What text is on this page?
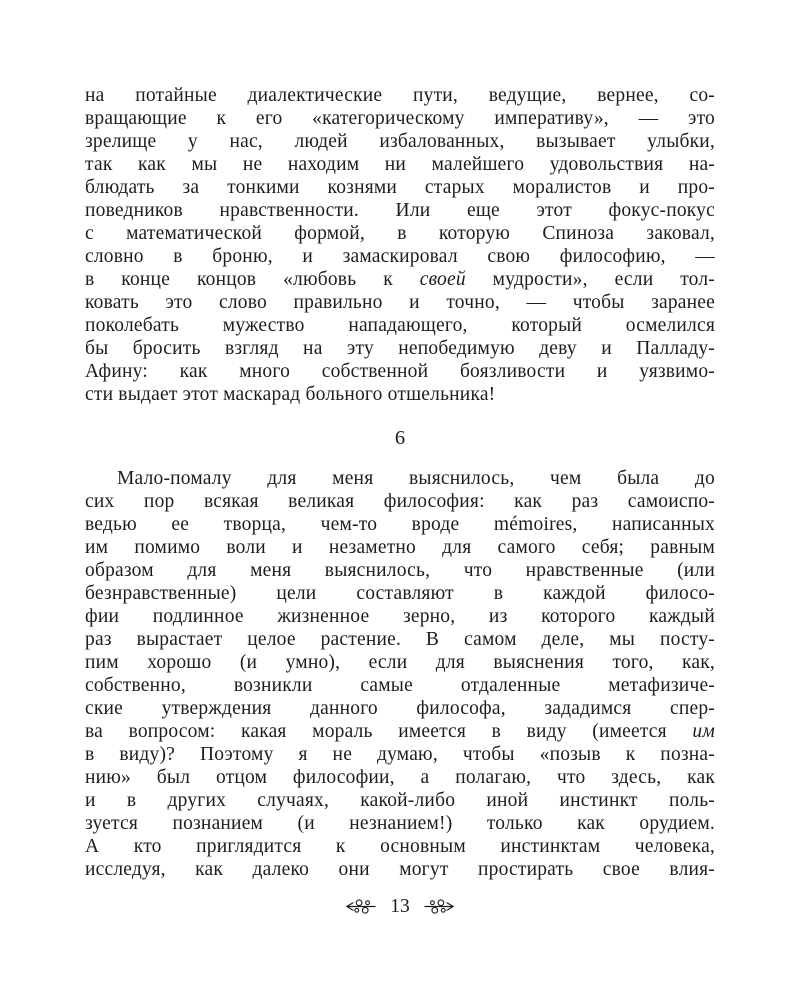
на потайные диалектические пути, ведущие, вернее, со-
вращающие к его «категорическому императиву», — это
зрелище у нас, людей избалованных, вызывает улыбки,
так как мы не находим ни малейшего удовольствия на-
блюдать за тонкими кознями старых моралистов и про-
поведников нравственности. Или еще этот фокус-покус
с математической формой, в которую Спиноза заковал,
словно в броню, и замаскировал свою философию, —
в конце концов «любовь к своей мудрости», если тол-
ковать это слово правильно и точно, — чтобы заранее
поколебать мужество нападающего, который осмелился
бы бросить взгляд на эту непобедимую деву и Палладу-
Афину: как много собственной боязливости и уязвимо-
сти выдает этот маскарад больного отшельника!
6
Мало-помалу для меня выяснилось, чем была до
сих пор всякая великая философия: как раз самоиспо-
ведью ее творца, чем-то вроде mémoires, написанных
им помимо воли и незаметно для самого себя; равным
образом для меня выяснилось, что нравственные (или
безнравственные) цели составляют в каждой филосо-
фии подлинное жизненное зерно, из которого каждый
раз вырастает целое растение. В самом деле, мы посту-
пим хорошо (и умно), если для выяснения того, как,
собственно, возникли самые отдаленные метафизиче-
ские утверждения данного философа, зададимся спер-
ва вопросом: какая мораль имеется в виду (имеется им
в виду)? Поэтому я не думаю, чтобы «позыв к позна-
нию» был отцом философии, а полагаю, что здесь, как
и в других случаях, какой-либо иной инстинкт поль-
зуется познанием (и незнанием!) только как орудием.
А кто приглядится к основным инстинктам человека,
исследуя, как далеко они могут простирать свое влия-
13
